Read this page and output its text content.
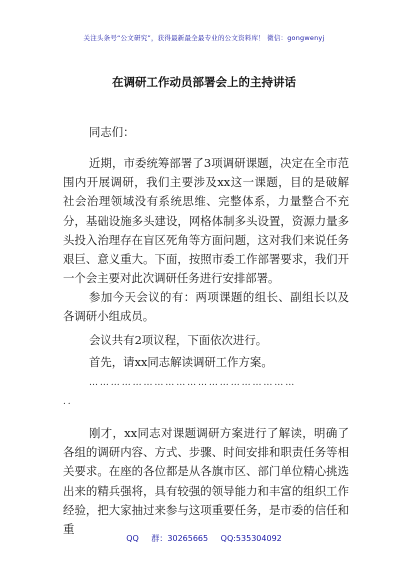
关注头条号“公文研究”，获得最新最全最专业的公文资料库！ 微信：gongwenyj
在调研工作动员部署会上的主持讲话
同志们：

近期，市委统筹部署了3项调研课题，决定在全市范围内开展调研，我们主要涉及xx这一课题，目的是破解社会治理领域没有系统思维、完整体系，力量整合不充分，基础设施多头建设，网格体制多头设置，资源力量多头投入治理存在盲区死角等方面问题，这对我们来说任务艰巨、意义重大。下面，按照市委工作部署要求，我们开一个会主要对此次调研任务进行安排部署。

参加今天会议的有：两项课题的组长、副组长以及各调研小组成员。

会议共有2项议程，下面依次进行。

首先，请xx同志解读调研工作方案。

…………………………………………………
..

刚才，xx同志对课题调研方案进行了解读，明确了各组的调研内容、方式、步骤、时间安排和职责任务等相关要求。在座的各位都是从各旗市区、部门单位精心挑选出来的精兵强将，具有较强的领导能力和丰富的组织工作经验，把大家抽过来参与这项重要任务，是市委的信任和重

QQ 群：30265665 QQ:535304092
